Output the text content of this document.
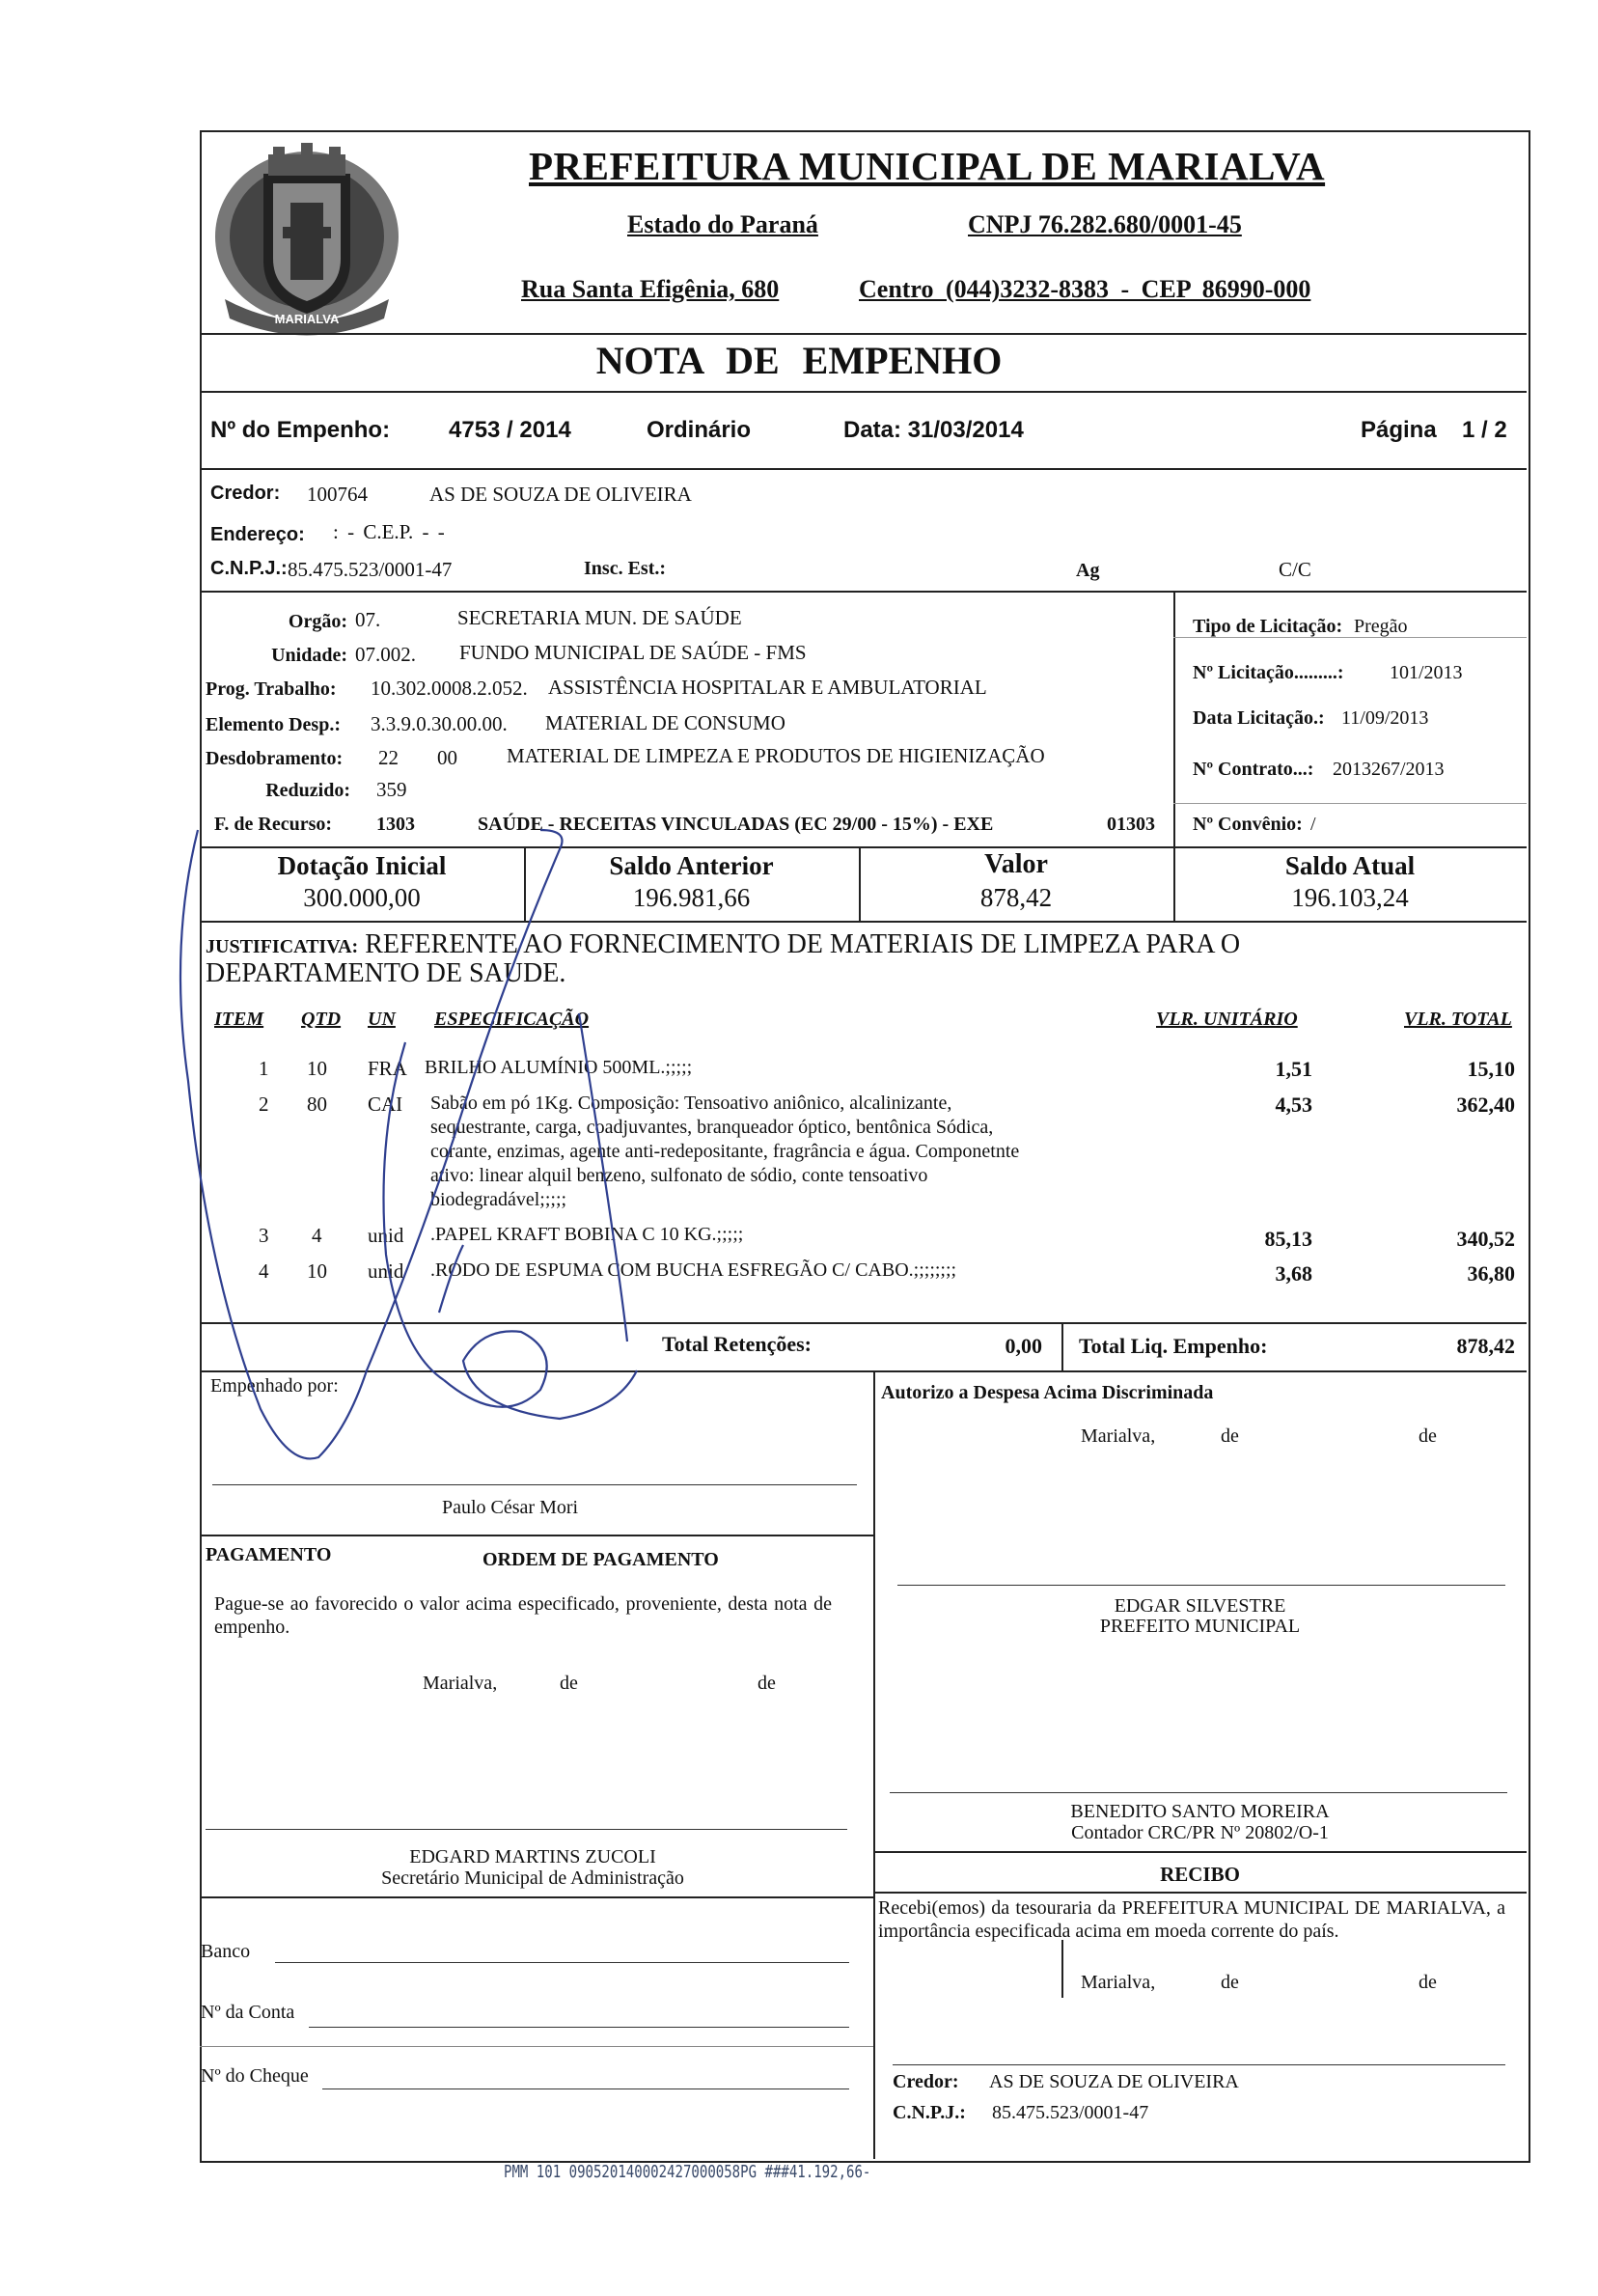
MARIALVA
PREFEITURA MUNICIPAL DE MARIALVA
Estado do Paraná	CNPJ 76.282.680/0001-45
Rua Santa Efigênia, 680	Centro (044)3232-8383 - CEP 86990-000
NOTA DE EMPENHO
Nº do Empenho:	4753 / 2014	Ordinário	Data: 31/03/2014	Página 1 / 2
Credor: 100764	AS DE SOUZA DE OLIVEIRA
Endereço: : - C.E.P. - -
C.N.P.J.: 85.475.523/0001-47	Insc. Est.:	Ag	C/C
Orgão: 07.	SECRETARIA MUN. DE SAÚDE
Unidade: 07.002. FUNDO MUNICIPAL DE SAÚDE - FMS
Prog. Trabalho: 10.302.0008.2.052. ASSISTÊNCIA HOSPITALAR E AMBULATORIAL
Elemento Desp.: 3.3.9.0.30.00.00. MATERIAL DE CONSUMO
Desdobramento: 22 00 MATERIAL DE LIMPEZA E PRODUTOS DE HIGIENIZAÇÃO
Reduzido: 359
F. de Recurso: 1303	SAÚDE - RECEITAS VINCULADAS (EC 29/00 - 15%) - EXE	01303
Tipo de Licitação: Pregão
Nº Licitação.........: 101/2013
Data Licitação.: 11/09/2013
Nº Contrato...: 2013267/2013
Nº Convênio: /
Dotação Inicial
300.000,00
Saldo Anterior
196.981,66
Valor
878,42
Saldo Atual
196.103,24
JUSTIFICATIVA: REFERENTE AO FORNECIMENTO DE MATERIAIS DE LIMPEZA PARA O
DEPARTAMENTO DE SAUDE.
ITEM QTD UN ESPECIFICAÇÃO	VLR. UNITÁRIO	VLR. TOTAL
1 10 FRA BRILHO ALUMÍNIO 500ML.;;;;;	1,51	15,10
2 80 CAI Sabão em pó 1Kg. Composição: Tensoativo aniônico, alcalinizante,
sequestrante, carga, coadjuvantes, branqueador óptico, bentônica Sódica,
corante, enzimas, agente anti-redepositante, fragrância e água. Componetnte
ativo: linear alquil benzeno, sulfonato de sódio, conte tensoativo
biodegradável;;;;;
4,53	362,40
3 4 unid .PAPEL KRAFT BOBINA C 10 KG.;;;;;	85,13	340,52
4 10 unid .RODO DE ESPUMA COM BUCHA ESFREGÃO C/ CABO.;;;;;;;;	3,68	36,80
Total Retenções:	0,00 Total Liq. Empenho:	878,42
Empenhado por:
Paulo César Mori
Autorizo a Despesa Acima Discriminada
Marialva,	de	de
PAGAMENTO	ORDEM DE PAGAMENTO
Pague-se ao favorecido o valor acima especificado, proveniente, desta nota de empenho.
Marialva,	de	de
EDGAR SILVESTRE
PREFEITO MUNICIPAL
BENEDITO SANTO MOREIRA
Contador CRC/PR Nº 20802/O-1
EDGARD MARTINS ZUCOLI
Secretário Municipal de Administração	RECIBO
Recebi(emos) da tesouraria da PREFEITURA MUNICIPAL DE MARIALVA, a importância especificada acima em moeda corrente do país.
Marialva,	de	de
Banco
Nº da Conta
Nº do Cheque	Credor: AS DE SOUZA DE OLIVEIRA
C.N.P.J.: 85.475.523/0001-47
PMM 101 090520140002427000058PG ###41.192,66-
